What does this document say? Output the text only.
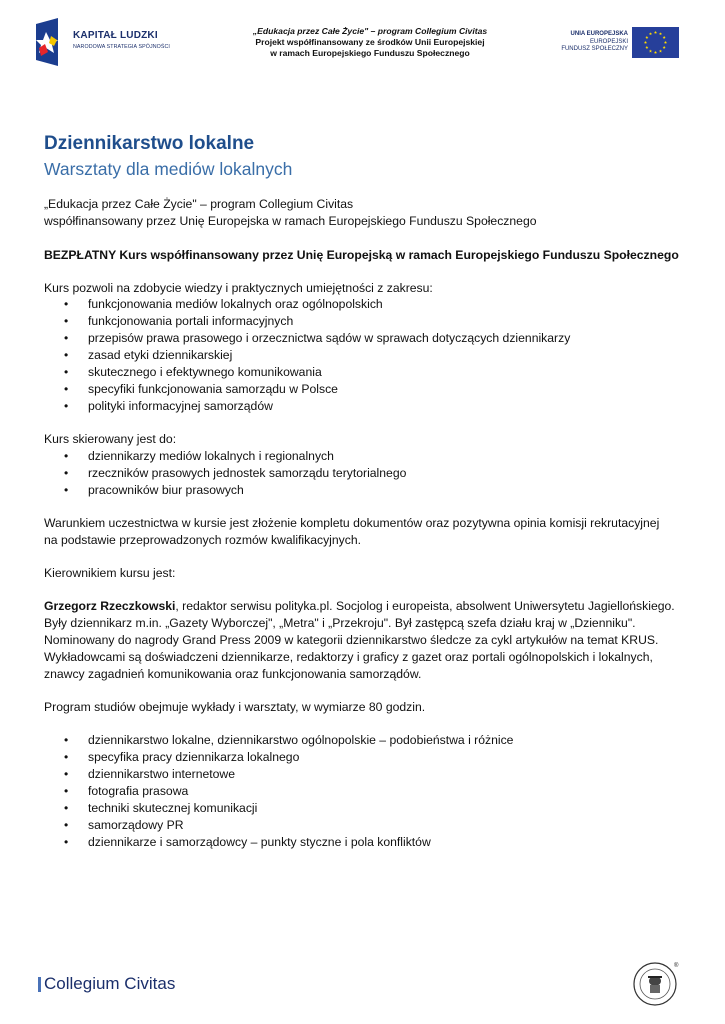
KAPITAŁ LUDZKI
NARODOWA STRATEGIA SPÓJNOŚCI
„Edukacja przez Całe Życie" – program Collegium Civitas
Projekt współfinansowany ze środków Unii Europejskiej
w ramach Europejskiego Funduszu Społecznego
UNIA EUROPEJSKA
EUROPEJSKI
FUNDUSZ SPOŁECZNY
Dziennikarstwo lokalne
Warsztaty dla mediów lokalnych
„Edukacja przez Całe Życie" – program Collegium Civitas
współfinansowany przez Unię Europejska w ramach Europejskiego Funduszu Społecznego
BEZPŁATNY Kurs współfinansowany przez Unię Europejską w ramach Europejskiego Funduszu Społecznego
Kurs pozwoli na zdobycie wiedzy i praktycznych umiejętności z zakresu:
• funkcjonowania mediów lokalnych oraz ogólnopolskich
• funkcjonowania portali informacyjnych
• przepisów prawa prasowego i orzecznictwa sądów w sprawach dotyczących dziennikarzy
• zasad etyki dziennikarskiej
• skutecznego i efektywnego komunikowania
• specyfiki funkcjonowania samorządu w Polsce
• polityki informacyjnej samorządów
Kurs skierowany jest do:
• dziennikarzy mediów lokalnych i regionalnych
• rzeczników prasowych jednostek samorządu terytorialnego
• pracowników biur prasowych
Warunkiem uczestnictwa w kursie jest złożenie kompletu dokumentów oraz pozytywna opinia komisji rekrutacyjnej
na podstawie przeprowadzonych rozmów kwalifikacyjnych.
Kierownikiem kursu jest:
Grzegorz Rzeczkowski, redaktor serwisu polityka.pl. Socjolog i europeista, absolwent Uniwersytetu Jagiellońskiego.
Były dziennikarz m.in. „Gazety Wyborczej", „Metra" i „Przekroju". Był zastępcą szefa działu kraj w „Dzienniku".
Nominowany do nagrody Grand Press 2009 w kategorii dziennikarstwo śledcze za cykl artykułów na temat KRUS.
Wykładowcami są doświadczeni dziennikarze, redaktorzy i graficy z gazet oraz portali ogólnopolskich i lokalnych,
znawcy zagadnień komunikowania oraz funkcjonowania samorządów.
Program studiów obejmuje wykłady i warsztaty, w wymiarze 80 godzin.
• dziennikarstwo lokalne, dziennikarstwo ogólnopolskie – podobieństwa i różnice
• specyfika pracy dziennikarza lokalnego
• dziennikarstwo internetowe
• fotografia prasowa
• techniki skutecznej komunikacji
• samorządowy PR
• dziennikarze i samorządowcy – punkty styczne i pola konfliktów
Collegium Civitas
®
